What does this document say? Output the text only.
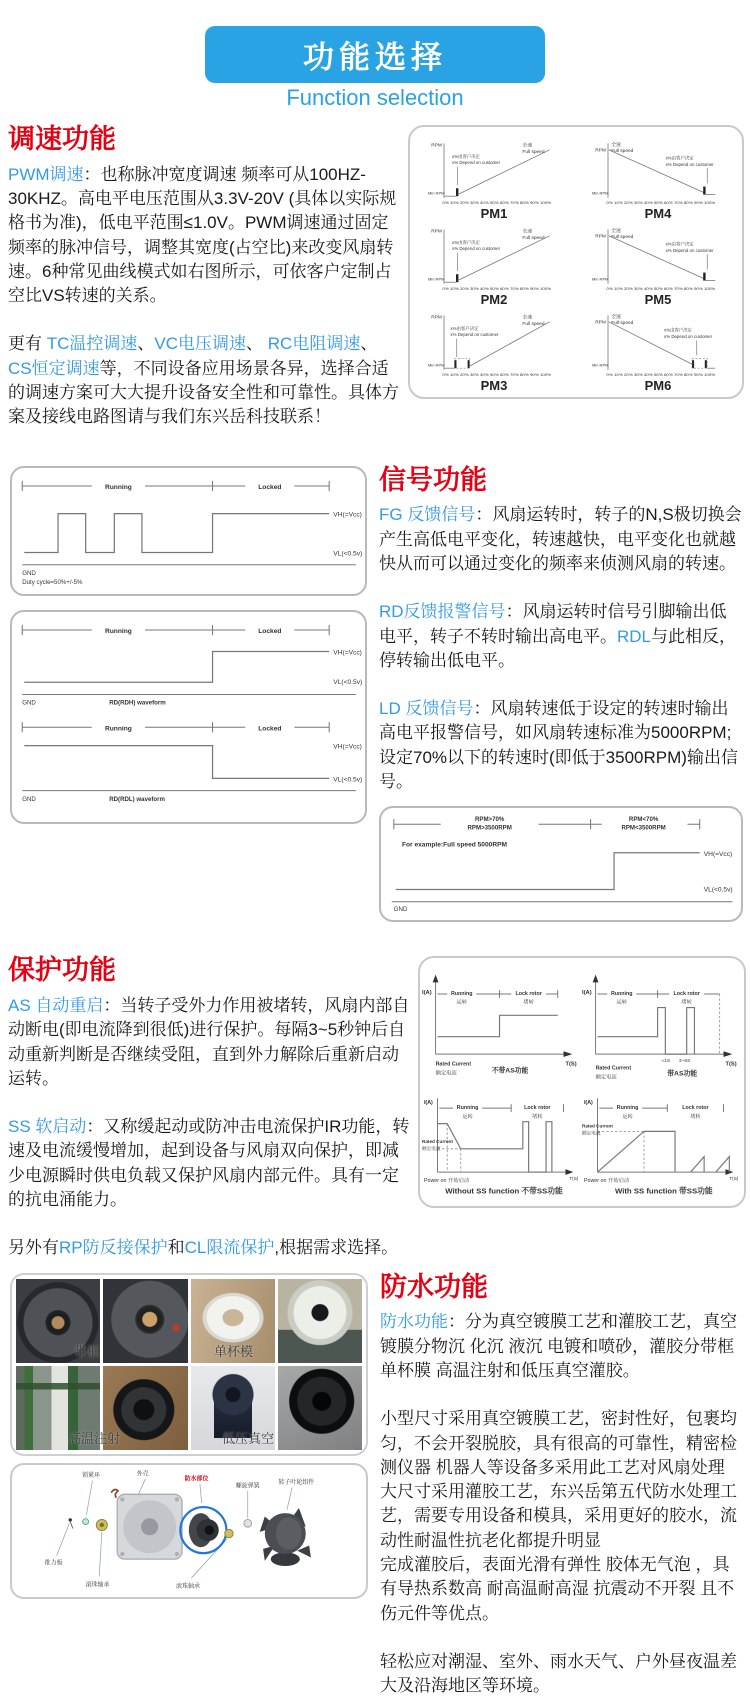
功能选择
Function selection
调速功能

PWM调速：也称脉冲宽度调速 频率可从100HZ-30KHZ。高电平电压范围从3.3V-20V (具体以实际规格书为准)，低电平范围≤1.0V。PWM调速通过固定频率的脉冲信号，调整其宽度(占空比)来改变风扇转速。6种常见曲线模式如右图所示，可依客户定制占空比VS转速的关系。

更有 TC温控调速、VC电压调速、 RC电阻调速、 CS恒定调速等，不同设备应用场景各异，选择合适的调速方案可大大提升设备安全性和可靠性。具体方案及接线电路图请与我们东兴岳科技联系！

RPM
x%由客户决定
x% Depend on customer
全速
Full speed
Min RPM
0% 10% 20% 30% 40% 50% 60% 70% 80% 90% 100%
PM1
RPM
全速
Full speed
x%由客户决定
x% Depend on customer
Min RPM
0% 10% 20% 30% 40% 50% 60% 70% 80% 90% 100%
PM4
RPM
x%由客户决定
x% Depend on customer
全速
Full speed
Min RPM
0% 10% 20% 30% 40% 50% 60% 70% 80% 90% 100%
PM2
RPM
全速
Full speed
x%由客户决定
x% Depend on customer
Min RPM
0% 10% 20% 30% 40% 50% 60% 70% 80% 90% 100%
PM5
RPM
x%由客户决定
x% Depend on customer
全速
Full speed
Min RPM
0% 10% 20% 30% 40% 50% 60% 70% 80% 90% 100%
PM3
RPM
全速
Full speed
x%由客户决定
x% Depend on customer
Min RPM
0% 10% 20% 30% 40% 50% 60% 70% 80% 90% 100%
PM6
Running	Locked
VH(=Vcc)
VL(<0.5v)
GND
Duty cycle=50%+/-5%
Running	Locked
VH(=Vcc)
VL(<0.5v)
GND	RD(RDH) waveform
Running	Locked
VH(=Vcc)
VL(<0.5v)
GND	RD(RDL) waveform
信号功能

FG 反馈信号：风扇运转时，转子的N,S极切换会产生高低电平变化，转速越快，电平变化也就越快从而可以通过变化的频率来侦测风扇的转速。

RD反馈报警信号：风扇运转时信号引脚输出低电平，转子不转时输出高电平。RDL与此相反，停转输出低电平。

LD 反馈信号：风扇转速低于设定的转速时输出高电平报警信号，如风扇转速标准为5000RPM;设定70%以下的转速时(即低于3500RPM)输出信号。

RPM>70%
RPM>3500RPM
RPM<70%
RPM<3500RPM
For example:Full speed 5000RPM
VH(=Vcc)
VL(<0.5v)
GND
保护功能

AS 自动重启：当转子受外力作用被堵转，风扇内部自动断电(即电流降到很低)进行保护。每隔3~5秒钟后自动重新判断是否继续受阻，直到外力解除后重新启动运转。

SS 软启动：又称缓起动或防冲击电流保护IR功能，转速及电流缓慢增加，起到设备与风扇双向保护，即减少电源瞬时供电负载又保护风扇内部元件。具有一定的抗电涌能力。

另外有RP防反接保护和CL限流保护,根据需求选择。

I(A)
T(S)
Running
运转
Lock rotor
堵转
Rated Current
额定电流	不带AS功能
I(A)
T(S)
Running
运转
Lock rotor
堵转
≈1S 3~5S
Rated Current
额定电流	带AS功能
I(A)
T(S)
Running
运转
Lock rotor
堵转
Rated Current
额定电流
Power on 开始启动
Without SS function 不带SS功能
I(A)
T(S)
Running
运转
Lock rotor
堵转
Rated Current
额定电流
Power on 开始启动
With SS function 带SS功能
带框	单杯模
高温注射	低压真空
锁紧环	外壳
防水部位
螺旋弹簧
转子叶轮组件
推力板
滚珠轴承	滚珠轴承
防水功能

防水功能：分为真空镀膜工艺和灌胶工艺，真空镀膜分物沉 化沉 液沉 电镀和喷砂，灌胶分带框 单杯膜 高温注射和低压真空灌胶。

小型尺寸采用真空镀膜工艺，密封性好，包裹均匀，不会开裂脱胶，具有很高的可靠性，精密检测仪器 机器人等设备多采用此工艺对风扇处理
大尺寸采用灌胶工艺，东兴岳第五代防水处理工艺，需要专用设备和模具，采用更好的胶水，流动性耐温性抗老化都提升明显
完成灌胶后，表面光滑有弹性 胶体无气泡 ，具有导热系数高 耐高温耐高湿 抗震动不开裂 且不伤元件等优点。

轻松应对潮湿、室外、雨水天气、户外昼夜温差大及沿海地区等环境。
